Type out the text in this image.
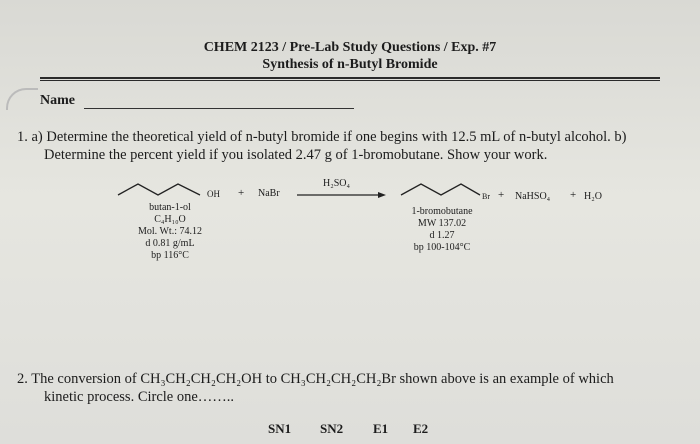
CHEM 2123 / Pre-Lab Study Questions / Exp. #7
Synthesis of n-Butyl Bromide
Name
1. a) Determine the theoretical yield of n-butyl bromide if one begins with 12.5 mL of n-butyl alcohol. b)
Determine the percent yield if you isolated 2.47 g of 1-bromobutane. Show your work.
OH + NaBr
H₂SO₄
Br + NaHSO₄ + H₂O
butan-1-ol
C₄H₁₀O
Mol. Wt.: 74.12
d 0.81 g/mL
bp 116°C
1-bromobutane
MW 137.02
d 1.27
bp 100-104°C
2. The conversion of CH₃CH₂CH₂CH₂OH to CH₃CH₂CH₂CH₂Br shown above is an example of which
kinetic process. Circle one……..
SN1 SN2 E1 E2
